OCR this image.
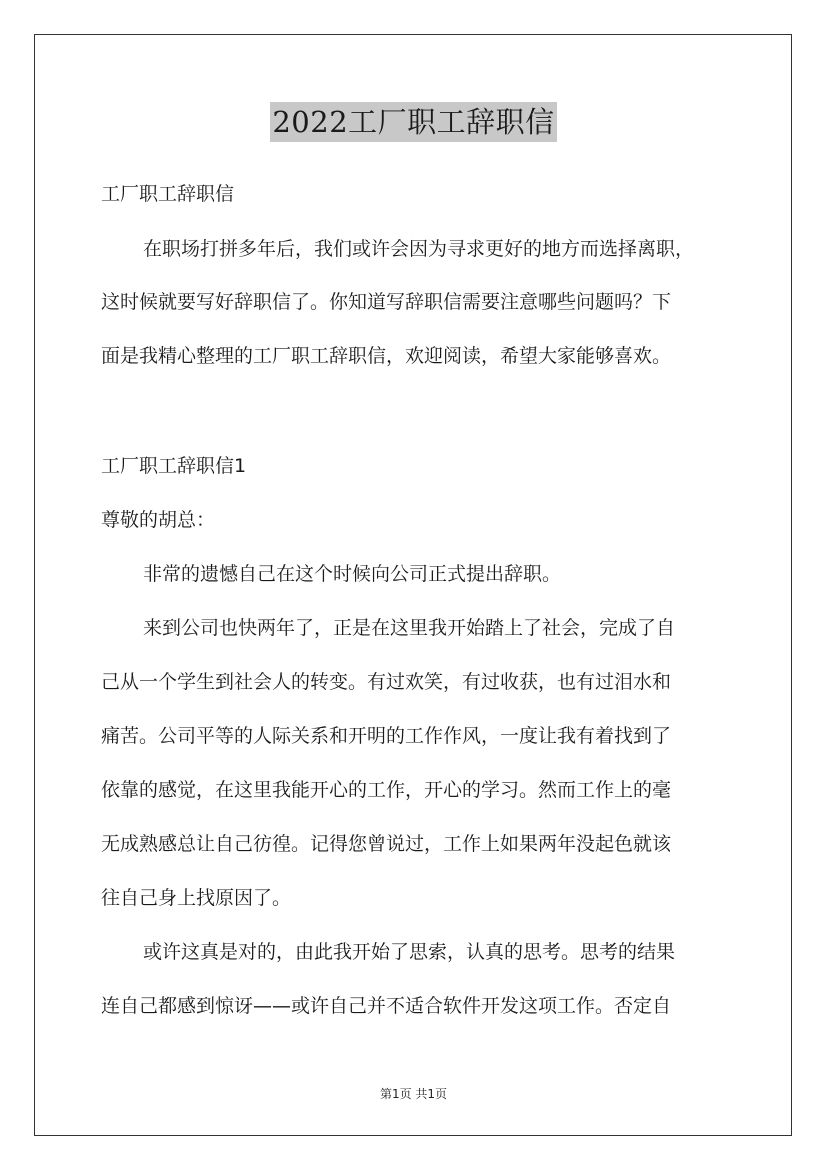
2022工厂职工辞职信
工厂职工辞职信
在职场打拼多年后，我们或许会因为寻求更好的地方而选择离职，
这时候就要写好辞职信了。你知道写辞职信需要注意哪些问题吗？下
面是我精心整理的工厂职工辞职信，欢迎阅读，希望大家能够喜欢。
工厂职工辞职信1
尊敬的胡总：
非常的遗憾自己在这个时候向公司正式提出辞职。
来到公司也快两年了，正是在这里我开始踏上了社会，完成了自
己从一个学生到社会人的转变。有过欢笑，有过收获，也有过泪水和
痛苦。公司平等的人际关系和开明的工作作风，一度让我有着找到了
依靠的感觉，在这里我能开心的工作，开心的学习。然而工作上的毫
无成熟感总让自己彷徨。记得您曾说过，工作上如果两年没起色就该
往自己身上找原因了。
或许这真是对的，由此我开始了思索，认真的思考。思考的结果
连自己都感到惊讶——或许自己并不适合软件开发这项工作。否定自
第1页 共1页
